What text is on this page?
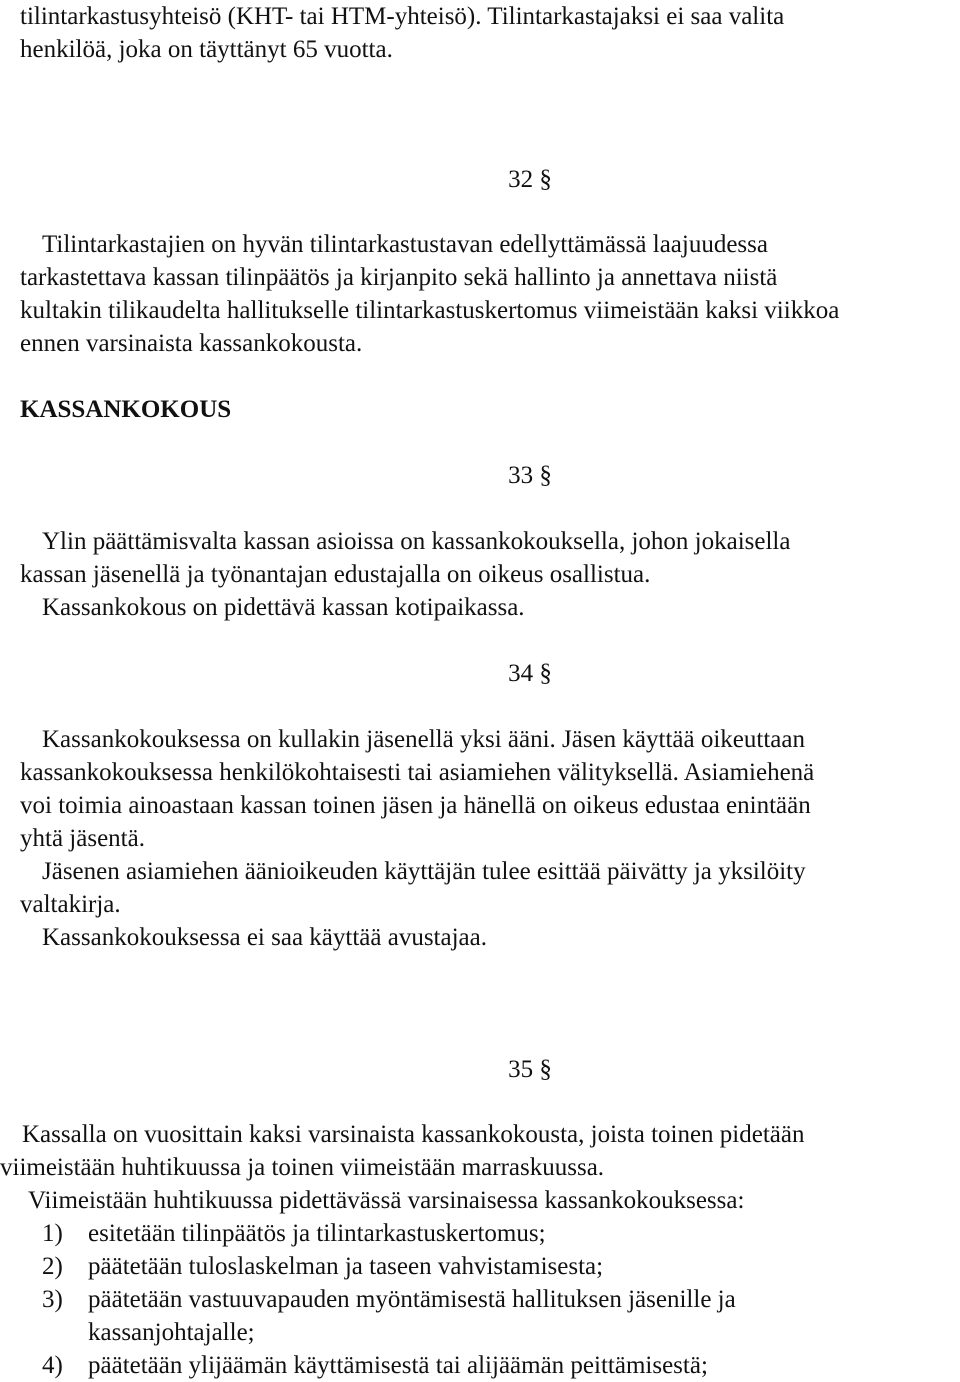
tilintarkastusyhteisö (KHT- tai HTM-yhteisö). Tilintarkastajaksi ei saa valita
henkilöä, joka on täyttänyt 65 vuotta.
32 §
Tilintarkastajien on hyvän tilintarkastustavan edellyttämässä laajuudessa
tarkastettava kassan tilinpäätös ja kirjanpito sekä hallinto ja annettava niistä
kultakin tilikaudelta hallitukselle tilintarkastuskertomus viimeistään kaksi viikkoa
ennen varsinaista kassankokousta.
KASSANKOKOUS
33 §
Ylin päättämisvalta kassan asioissa on kassankokouksella, johon jokaisella
kassan jäsenellä ja työnantajan edustajalla on oikeus osallistua.
Kassankokous on pidettävä kassan kotipaikassa.
34 §
Kassankokouksessa on kullakin jäsenellä yksi ääni. Jäsen käyttää oikeuttaan
kassankokouksessa henkilökohtaisesti tai asiamiehen välityksellä. Asiamiehenä
voi toimia ainoastaan kassan toinen jäsen ja hänellä on oikeus edustaa enintään
yhtä jäsentä.
Jäsenen asiamiehen äänioikeuden käyttäjän tulee esittää päivätty ja yksilöity
valtakirja.
Kassankokouksessa ei saa käyttää avustajaa.
35 §
Kassalla on vuosittain kaksi varsinaista kassankokousta, joista toinen pidetään
viimeistään huhtikuussa ja toinen viimeistään marraskuussa.
Viimeistään huhtikuussa pidettävässä varsinaisessa kassankokouksessa:
1) esitetään tilinpäätös ja tilintarkastuskertomus;
2) päätetään tuloslaskelman ja taseen vahvistamisesta;
3) päätetään vastuuvapauden myöntämisestä hallituksen jäsenille ja
kassanjohtajalle;
4) päätetään ylijäämän käyttämisestä tai alijäämän peittämisestä;
